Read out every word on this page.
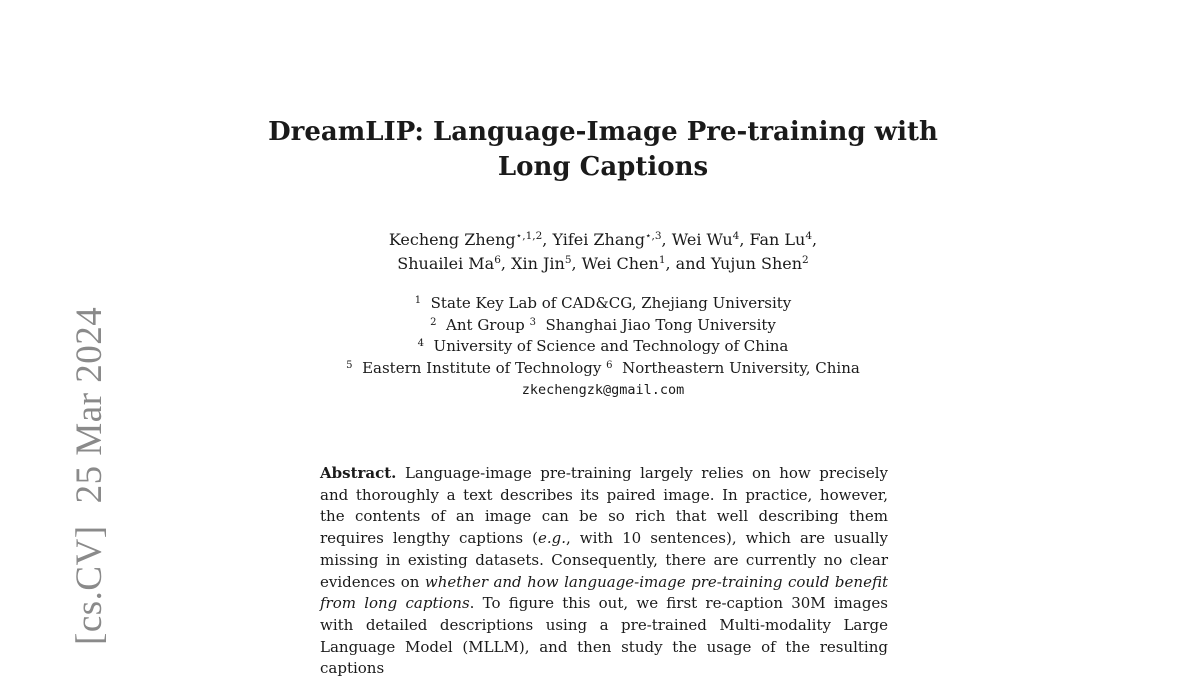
[cs.CV]25 Mar 2024
DreamLIP: Language-Image Pre-training with
Long Captions
Kecheng Zheng$^{⋆,1,2}$, Yifei Zhang$^{⋆,3}$, Wei Wu$^4$, Fan Lu$^4$,
Shuailei Ma$^6$, Xin Jin$^5$, Wei Chen$^1$, and Yujun Shen$^2$
$^1$ State Key Lab of CAD&CG, Zhejiang University
$^2$ Ant Group $^3$ Shanghai Jiao Tong University
$^4$ University of Science and Technology of China
$^5$ Eastern Institute of Technology $^6$ Northeastern University, China
zkechengzk@gmail.com

Abstract. Language-image pre-training largely relies on how precisely and thoroughly a text describes its paired image. In practice, however, the contents of an image can be so rich that well describing them requires lengthy captions (e.g., with 10 sentences), which are usually missing in existing datasets. Consequently, there are currently no clear evidences on whether and how language-image pre-training could benefit from long captions. To figure this out, we first re-caption 30M images with detailed descriptions using a pre-trained Multi-modality Large Language Model (MLLM), and then study the usage of the resulting captions
